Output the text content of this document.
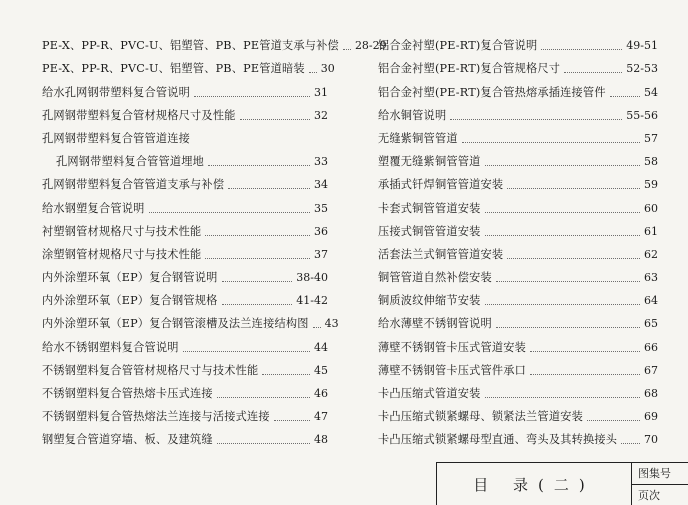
PE-X、PP-R、PVC-U、铝塑管、PB、PE管道支承与补偿 28-29
PE-X、PP-R、PVC-U、铝塑管、PB、PE管道暗装 30
给水孔网钢带塑料复合管说明	31
孔网钢带塑料复合管材规格尺寸及性能	32
孔网钢带塑料复合管管道连接
孔网钢带塑料复合管管道埋地	33
孔网钢带塑料复合管管道支承与补偿	34
给水钢塑复合管说明	35
衬塑钢管材规格尺寸与技术性能	36
涂塑钢管材规格尺寸与技术性能	37
内外涂塑环氧（EP）复合钢管说明	38-40
内外涂塑环氧（EP）复合钢管规格	41-42
内外涂塑环氧（EP）复合钢管滚槽及法兰连接结构图 43
给水不锈钢塑料复合管说明	44
不锈钢塑料复合管管材规格尺寸与技术性能	45
不锈钢塑料复合管热熔卡压式连接	46
不锈钢塑料复合管热熔法兰连接与活接式连接	47
钢塑复合管道穿墙、板、及建筑缝	48
铝合金衬塑(PE-RT)复合管说明	49-51
铝合金衬塑(PE-RT)复合管规格尺寸	52-53
铝合金衬塑(PE-RT)复合管热熔承插连接管件	54
给水铜管说明	55-56
无缝紫铜管管道	57
塑覆无缝紫铜管管道	58
承插式钎焊铜管管道安装	59
卡套式铜管管道安装	60
压接式铜管管道安装	61
活套法兰式铜管管道安装	62
铜管管道自然补偿安装	63
铜质波纹伸缩节安装	64
给水薄壁不锈钢管说明	65
薄壁不锈钢管卡压式管道安装	66
薄壁不锈钢管卡压式管件承口	67
卡凸压缩式管道安装	68
卡凸压缩式锁紧螺母、锁紧法兰管道安装	69
卡凸压缩式锁紧螺母型直通、弯头及其转换接头 70
目 录(二)
图集号
页次
